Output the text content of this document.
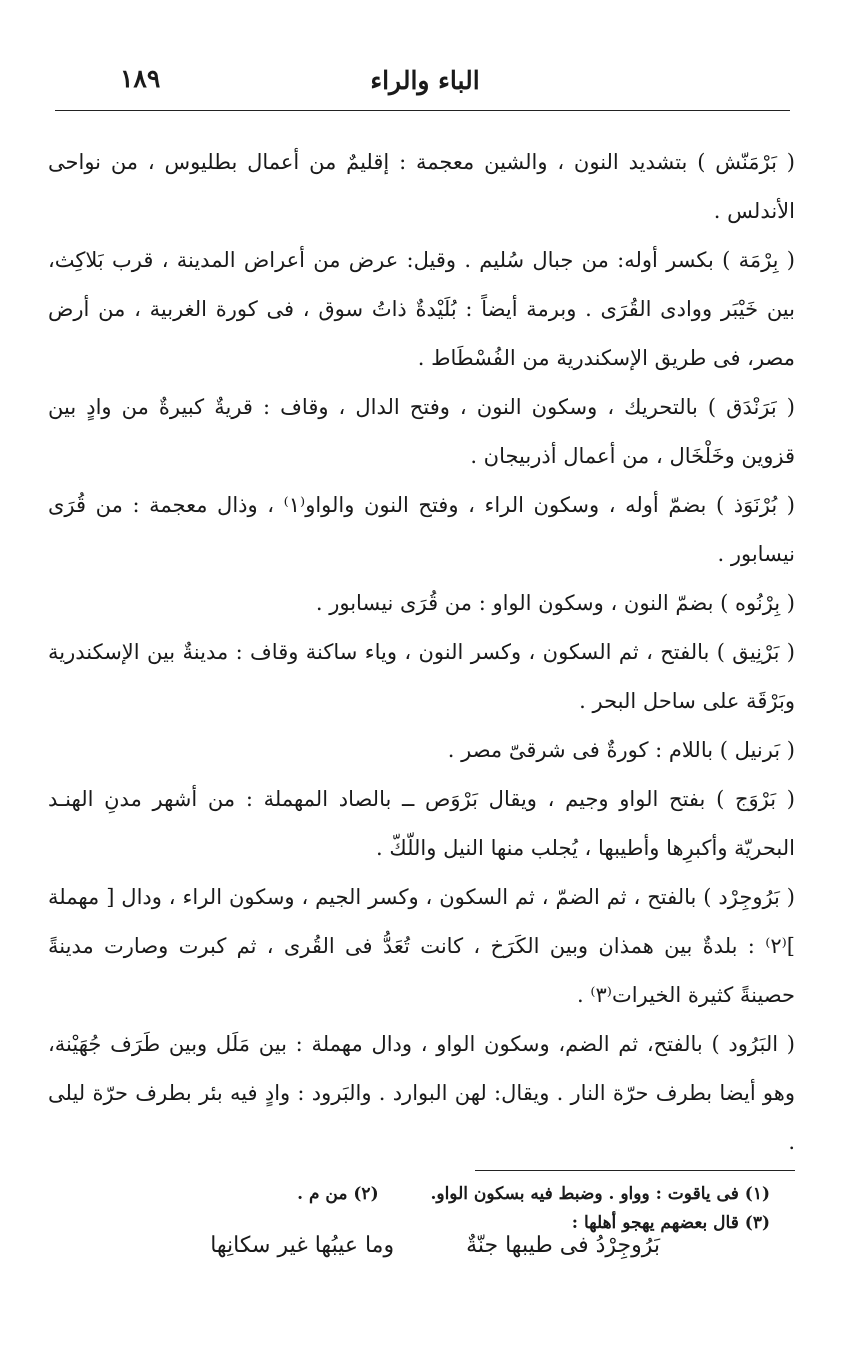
الباء والراء
١٨٩

( بَرْمَنّش ) بتشديد النون ، والشين معجمة : إقليمٌ من أعمال بطليوس ، من نواحى الأندلس .

( بِرْمَة ) بكسر أوله: من جبال سُليم . وقيل: عرض من أعراض المدينة ، قرب بَلاكِث، بين خَيْبَر ووادى القُرَى . وبرمة أيضاً : بُلَيْدةٌ ذاتُ سوق ، فى كورة الغربية ، من أرض مصر، فى طريق الإسكندرية من الفُسْطَاط .

( بَرَنْدَق ) بالتحريك ، وسكون النون ، وفتح الدال ، وقاف : قريةٌ كبيرةٌ من وادٍ بين قزوين وخَلْخَال ، من أعمال أذربيجان .

( بُرْنَوَذ ) بضمّ أوله ، وسكون الراء ، وفتح النون والواو⁽١⁾ ، وذال معجمة : من قُرَى نيسابور .

( بِرْنُوه ) بضمّ النون ، وسكون الواو : من قُرَى نيسابور .

( بَرْنِيق ) بالفتح ، ثم السكون ، وكسر النون ، وياء ساكنة وقاف : مدينةٌ بين الإسكندرية وبَرْقَة على ساحل البحر .

( بَرنيل ) باللام : كورةٌ فى شرقىّ مصر .

( بَرْوَج ) بفتح الواو وجيم ، ويقال بَرْوَص ــ بالصاد المهملة : من أشهر مدنِ الهنـد البحريّة وأكبرِها وأطيبها ، يُجلب منها النيل واللّكّ .

( بَرُوجِرْد ) بالفتح ، ثم الضمّ ، ثم السكون ، وكسر الجيم ، وسكون الراء ، ودال [ مهملة ]⁽٢⁾ : بلدةٌ بين همذان وبين الكَرَخ ، كانت تُعَدُّ فى القُرى ، ثم كبرت وصارت مدينةً حصينةً كثيرة الخيرات⁽٣⁾ .

( البَرُود ) بالفتح، ثم الضم، وسكون الواو ، ودال مهملة : بين مَلَل وبين طَرَف جُهَيْنة، وهو أيضا بطرف حرّة النار . ويقال: لهن البوارد . والبَرود : وادٍ فيه بئر بطرف حرّة ليلى .

(١) فى ياقوت : وواو . وضبط فيه بسكون الواو.  (٢) من م .
(٣) قال بعضهم يهجو أهلها :
بَرُوجِرْدُ فى طيبها جنّةٌ  وما عيبُها غير سكانِها
